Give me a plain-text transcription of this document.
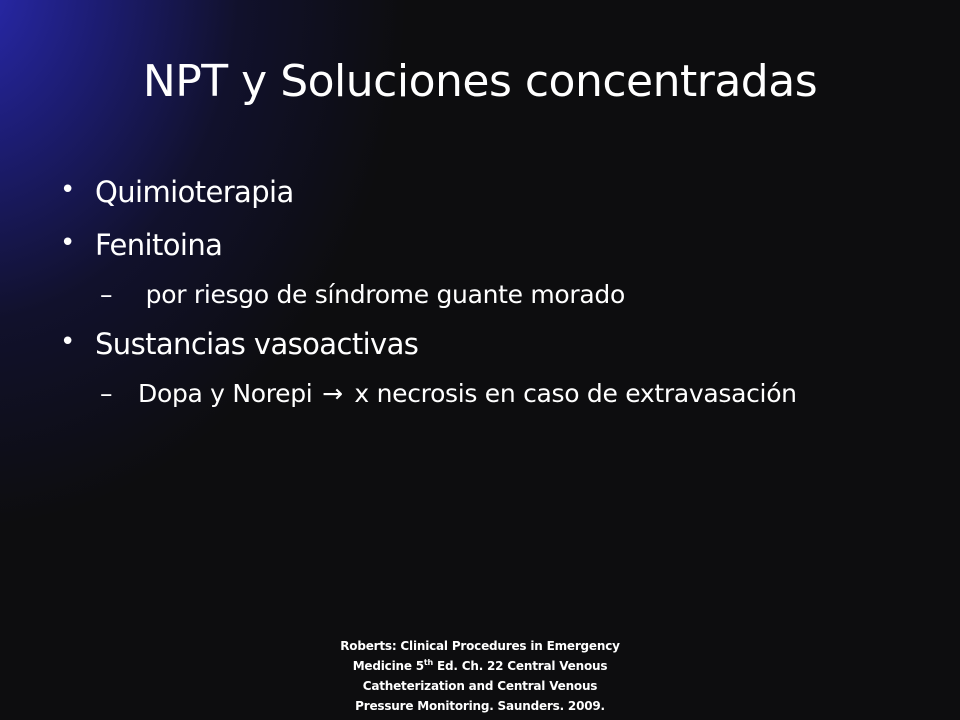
NPT y Soluciones concentradas
• Quimioterapia
• Fenitoina
– por riesgo de síndrome guante morado
• Sustancias vasoactivas
– Dopa y Norepi → x necrosis en caso de extravasación

Roberts: Clinical Procedures in Emergency
Medicine 5th Ed. Ch. 22 Central Venous
Catheterization and Central Venous
Pressure Monitoring. Saunders. 2009.
